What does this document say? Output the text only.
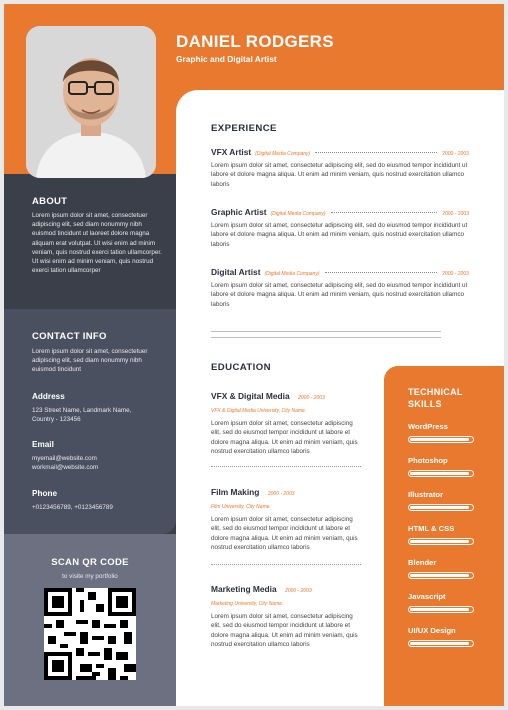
DANIEL RODGERS
Graphic and Digital Artist
ABOUT
Lorem ipsum dolor sit amet, consectetuer adipiscing elit, sed diam nonummy nibh euismod tincidunt ut laoreet dolore magna aliquam erat volutpat. Ut wisi enim ad minim veniam, quis nostrud exerci tation ullamcorper. Ut wisi enim ad minim veniam, quis nostrud exerci tation ullamcorper
CONTACT INFO
Lorem ipsum dolor sit amet, consectetuer adipiscing elit, sed diam nonummy nibh euismod tincidunt
Address
123 Street Name, Landmark Name,
Country - 123456
Email
myemail@website.com
workmail@website.com
Phone
+0123456789, +0123456789
SCAN QR CODE
to visite my portfolio
EXPERIENCE
VFX Artist (Digital Media Company)	2000 - 2003
Lorem ipsum dolor sit amet, consectetur adipiscing elit, sed do eiusmod tempor incididunt ut labore et dolore magna aliqua. Ut enim ad minim veniam, quis nostrud exercitation ullamco laboris
Graphic Artist (Digital Media Company)	2000 - 2003
Lorem ipsum dolor sit amet, consectetur adipiscing elit, sed do eiusmod tempor incididunt ut labore et dolore magna aliqua. Ut enim ad minim veniam, quis nostrud exercitation ullamco laboris
Digital Artist (Digital Media Company)	2000 - 2003
Lorem ipsum dolor sit amet, consectetur adipiscing elit, sed do eiusmod tempor incididunt ut labore et dolore magna aliqua. Ut enim ad minim veniam, quis nostrud exercitation ullamco laboris
EDUCATION
VFX & Digital Media 2000 - 2003
VFX & Digital Media University, City Name.
Lorem ipsum dolor sit amet, consectetur adipiscing elit, sed do eiusmod tempor incididunt ut labore et dolore magna aliqua. Ut enim ad minim veniam, quis nostrud exercitation ullamco laboris
Film Making 2000 - 2003
Film University, City Name.
Lorem ipsum dolor sit amet, consectetur adipiscing elit, sed do eiusmod tempor incididunt ut labore et dolore magna aliqua. Ut enim ad minim veniam, quis nostrud exercitation ullamco laboris
Marketing Media 2000 - 2003
Marketing University, City Name.
Lorem ipsum dolor sit amet, consectetur adipiscing elit, sed do eiusmod tempor incididunt ut labore et dolore magna aliqua. Ut enim ad minim veniam, quis nostrud exercitation ullamco laboris
TECHNICAL
SKILLS
WordPress
Photoshop
Illustrator
HTML & CSS
Blender
Javascript
UI/UX Design
